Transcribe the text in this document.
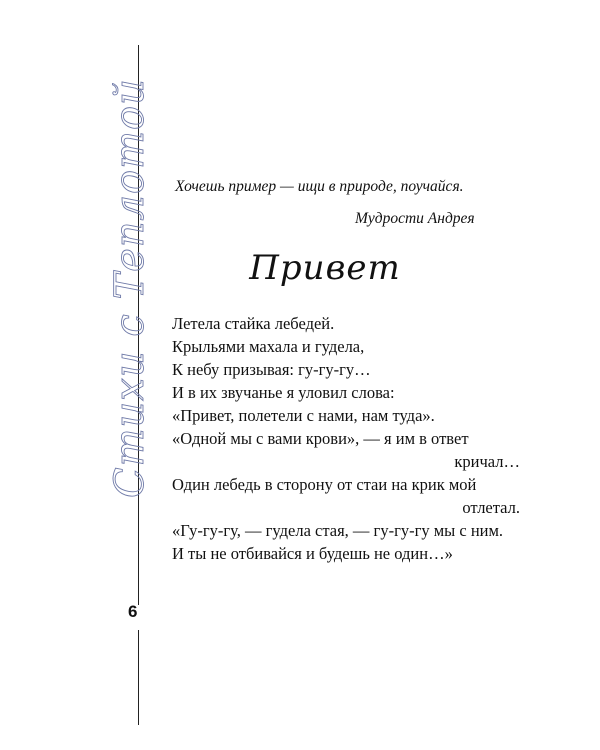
Стихи с Теплотой
6

Хочешь пример — ищи в природе, поучайся.

Мудрости Андрея
Привет
Летела стайка лебедей.
Крыльями махала и гудела,
К небу призывая: гу-гу-гу…
И в их звучанье я уловил слова:
«Привет, полетели с нами, нам туда».
«Одной мы с вами крови», — я им в ответ
кричал…
Один лебедь в сторону от стаи на крик мой
отлетал.
«Гу-гу-гу, — гудела стая, — гу-гу-гу мы с ним.
И ты не отбивайся и будешь не один…»
